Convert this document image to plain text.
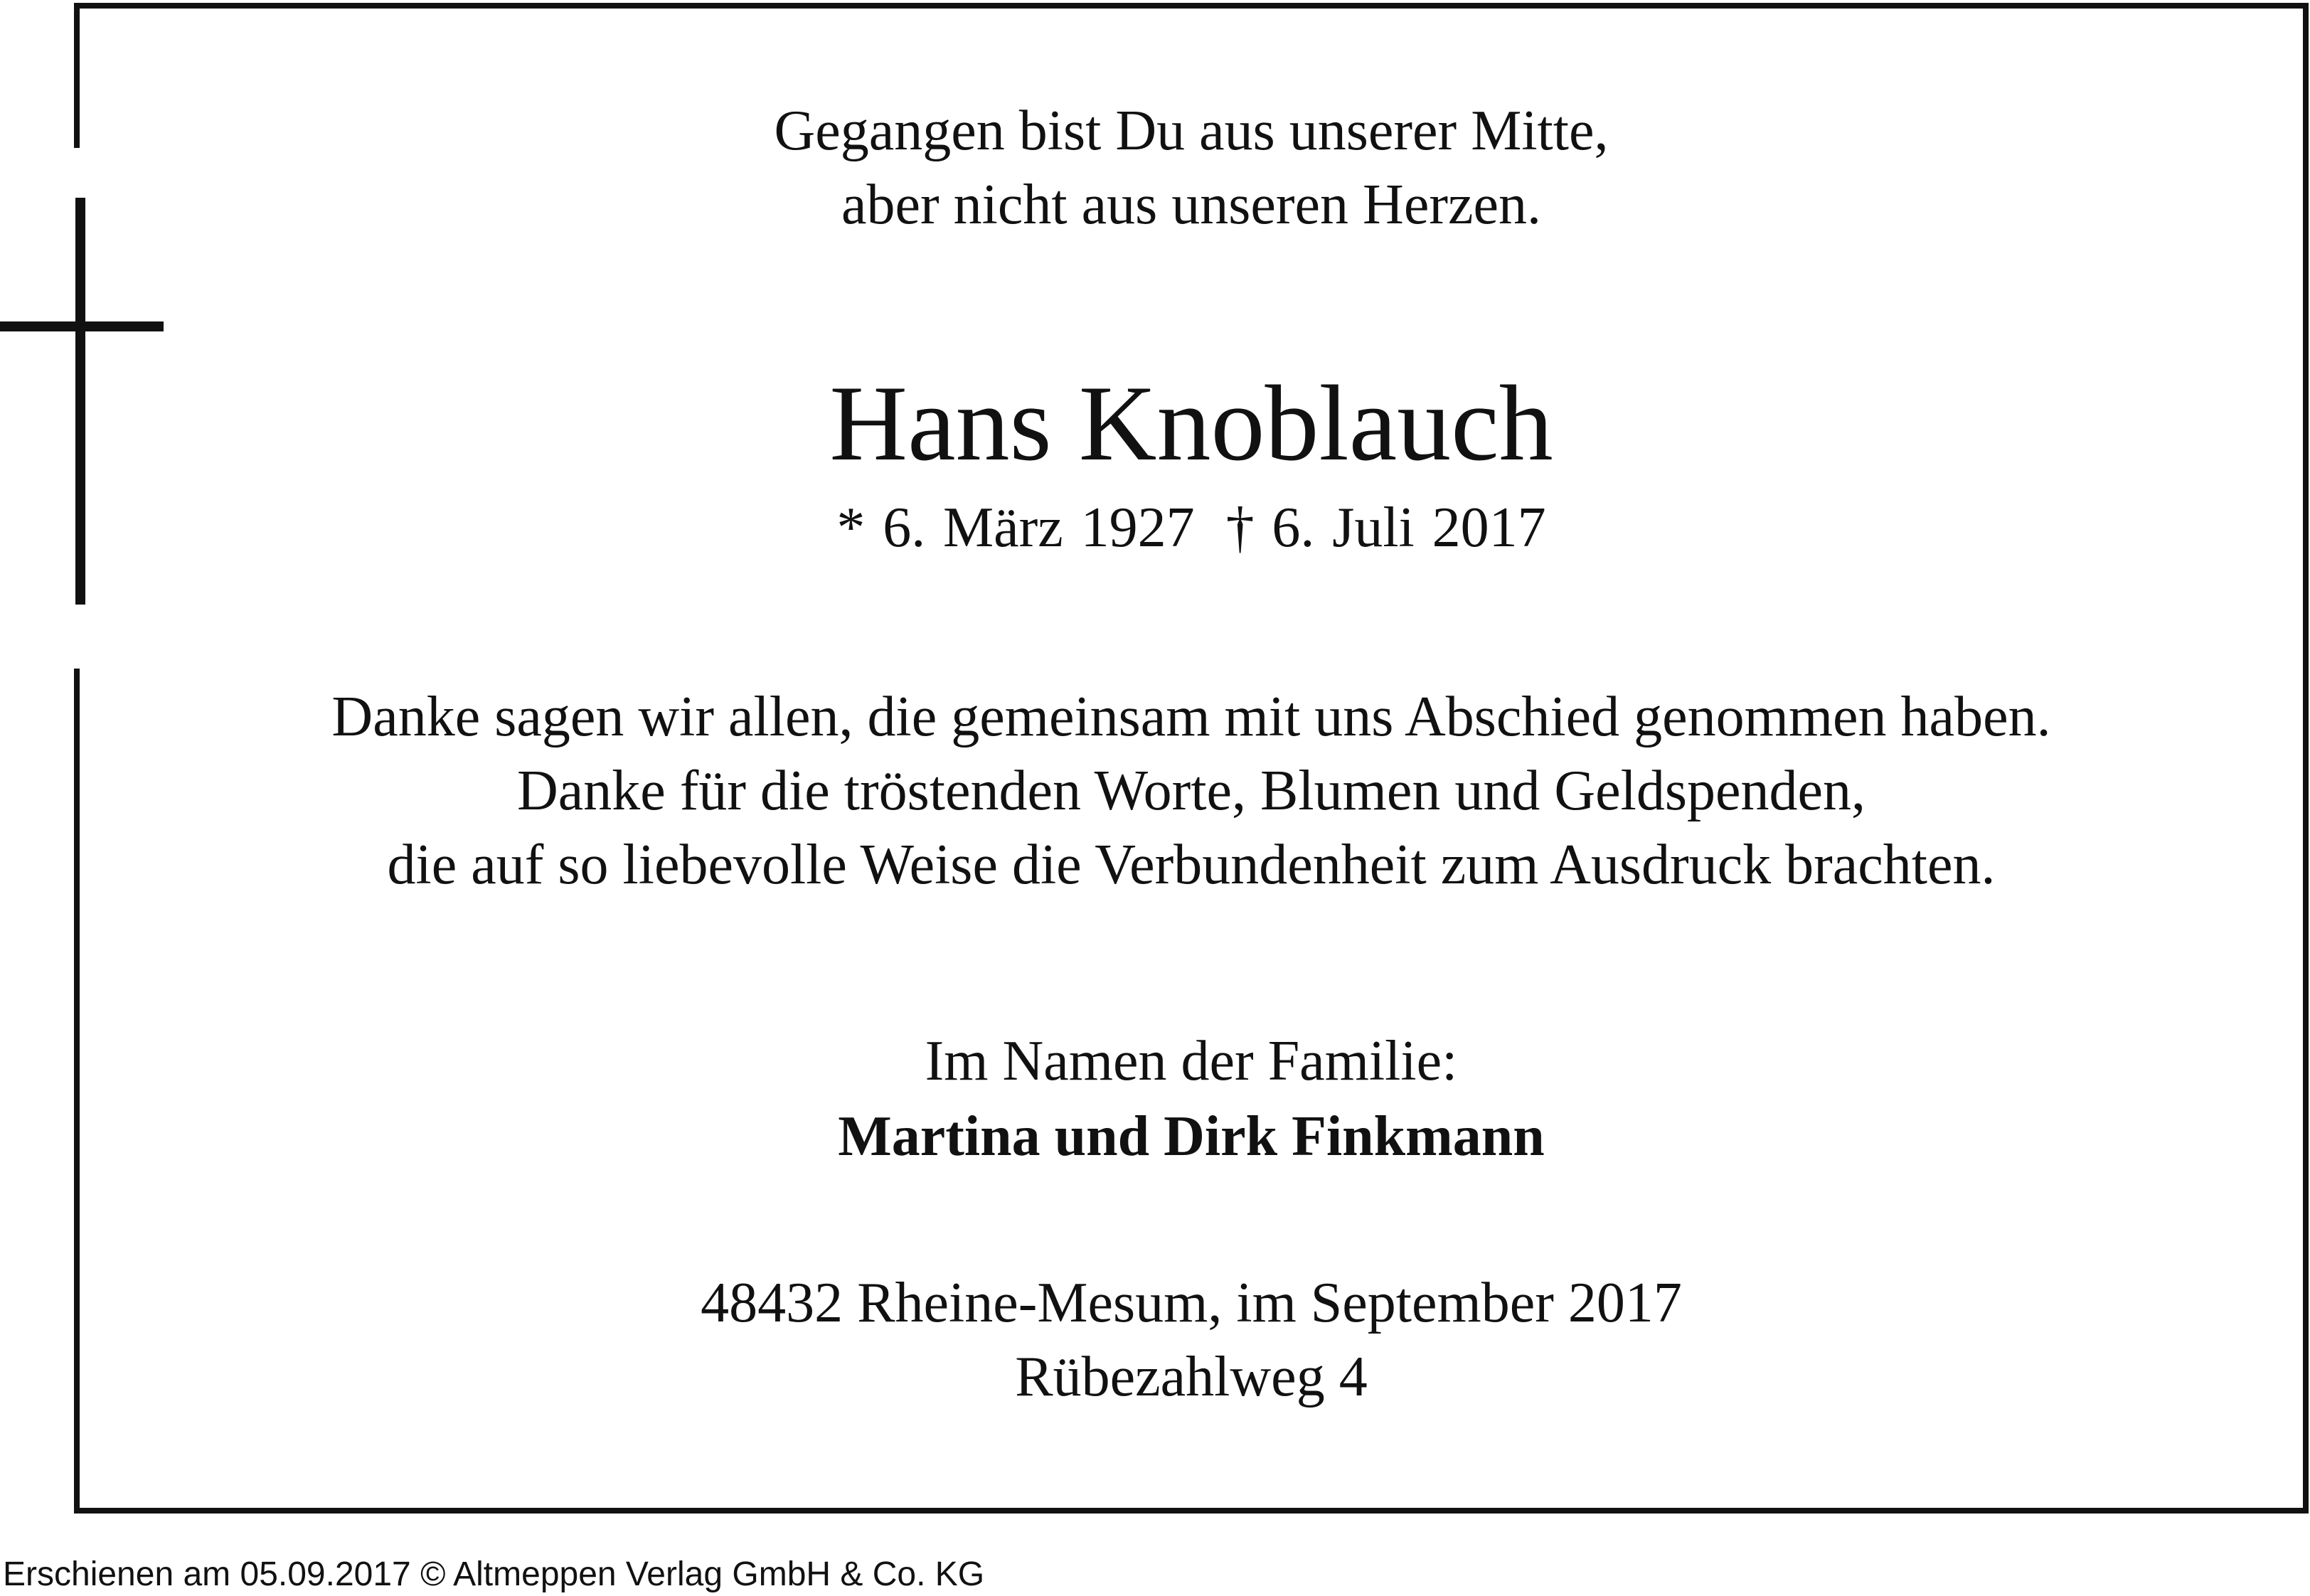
Gegangen bist Du aus unserer Mitte,
aber nicht aus unseren Herzen.
Hans Knoblauch
* 6. März 1927 † 6. Juli 2017
Danke sagen wir allen, die gemeinsam mit uns Abschied genommen haben.
Danke für die tröstenden Worte, Blumen und Geldspenden,
die auf so liebevolle Weise die Verbundenheit zum Ausdruck brachten.
Im Namen der Familie:
Martina und Dirk Finkmann
48432 Rheine-Mesum, im September 2017
Rübezahlweg 4
Erschienen am 05.09.2017 © Altmeppen Verlag GmbH & Co. KG
